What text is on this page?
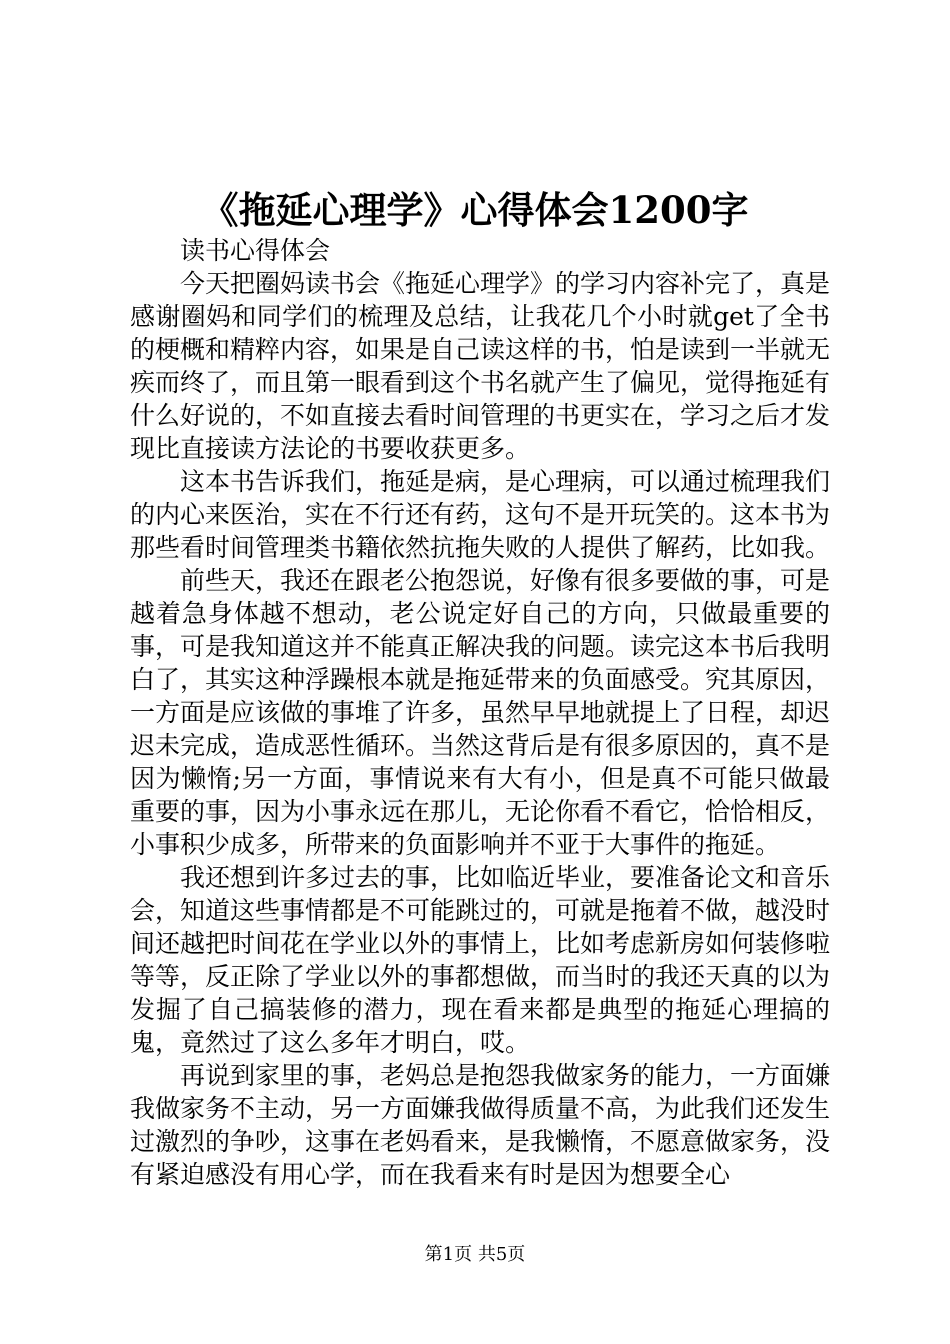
《拖延心理学》心得体会1200字

读书心得体会

今天把圈妈读书会《拖延心理学》的学习内容补完了，真是感谢圈妈和同学们的梳理及总结，让我花几个小时就get了全书的梗概和精粹内容，如果是自己读这样的书，怕是读到一半就无疾而终了，而且第一眼看到这个书名就产生了偏见，觉得拖延有什么好说的，不如直接去看时间管理的书更实在，学习之后才发现比直接读方法论的书要收获更多。

这本书告诉我们，拖延是病，是心理病，可以通过梳理我们的内心来医治，实在不行还有药，这句不是开玩笑的。这本书为那些看时间管理类书籍依然抗拖失败的人提供了解药，比如我。

前些天，我还在跟老公抱怨说，好像有很多要做的事，可是越着急身体越不想动，老公说定好自己的方向，只做最重要的事，可是我知道这并不能真正解决我的问题。读完这本书后我明白了，其实这种浮躁根本就是拖延带来的负面感受。究其原因，一方面是应该做的事堆了许多，虽然早早地就提上了日程，却迟迟未完成，造成恶性循环。当然这背后是有很多原因的，真不是因为懒惰;另一方面，事情说来有大有小，但是真不可能只做最重要的事，因为小事永远在那儿，无论你看不看它，恰恰相反，小事积少成多，所带来的负面影响并不亚于大事件的拖延。

我还想到许多过去的事，比如临近毕业，要准备论文和音乐会，知道这些事情都是不可能跳过的，可就是拖着不做，越没时间还越把时间花在学业以外的事情上，比如考虑新房如何装修啦等等，反正除了学业以外的事都想做，而当时的我还天真的以为发掘了自己搞装修的潜力，现在看来都是典型的拖延心理搞的鬼，竟然过了这么多年才明白，哎。

再说到家里的事，老妈总是抱怨我做家务的能力，一方面嫌我做家务不主动，另一方面嫌我做得质量不高，为此我们还发生过激烈的争吵，这事在老妈看来，是我懒惰，不愿意做家务，没有紧迫感没有用心学，而在我看来有时是因为想要全心

第1页 共5页
